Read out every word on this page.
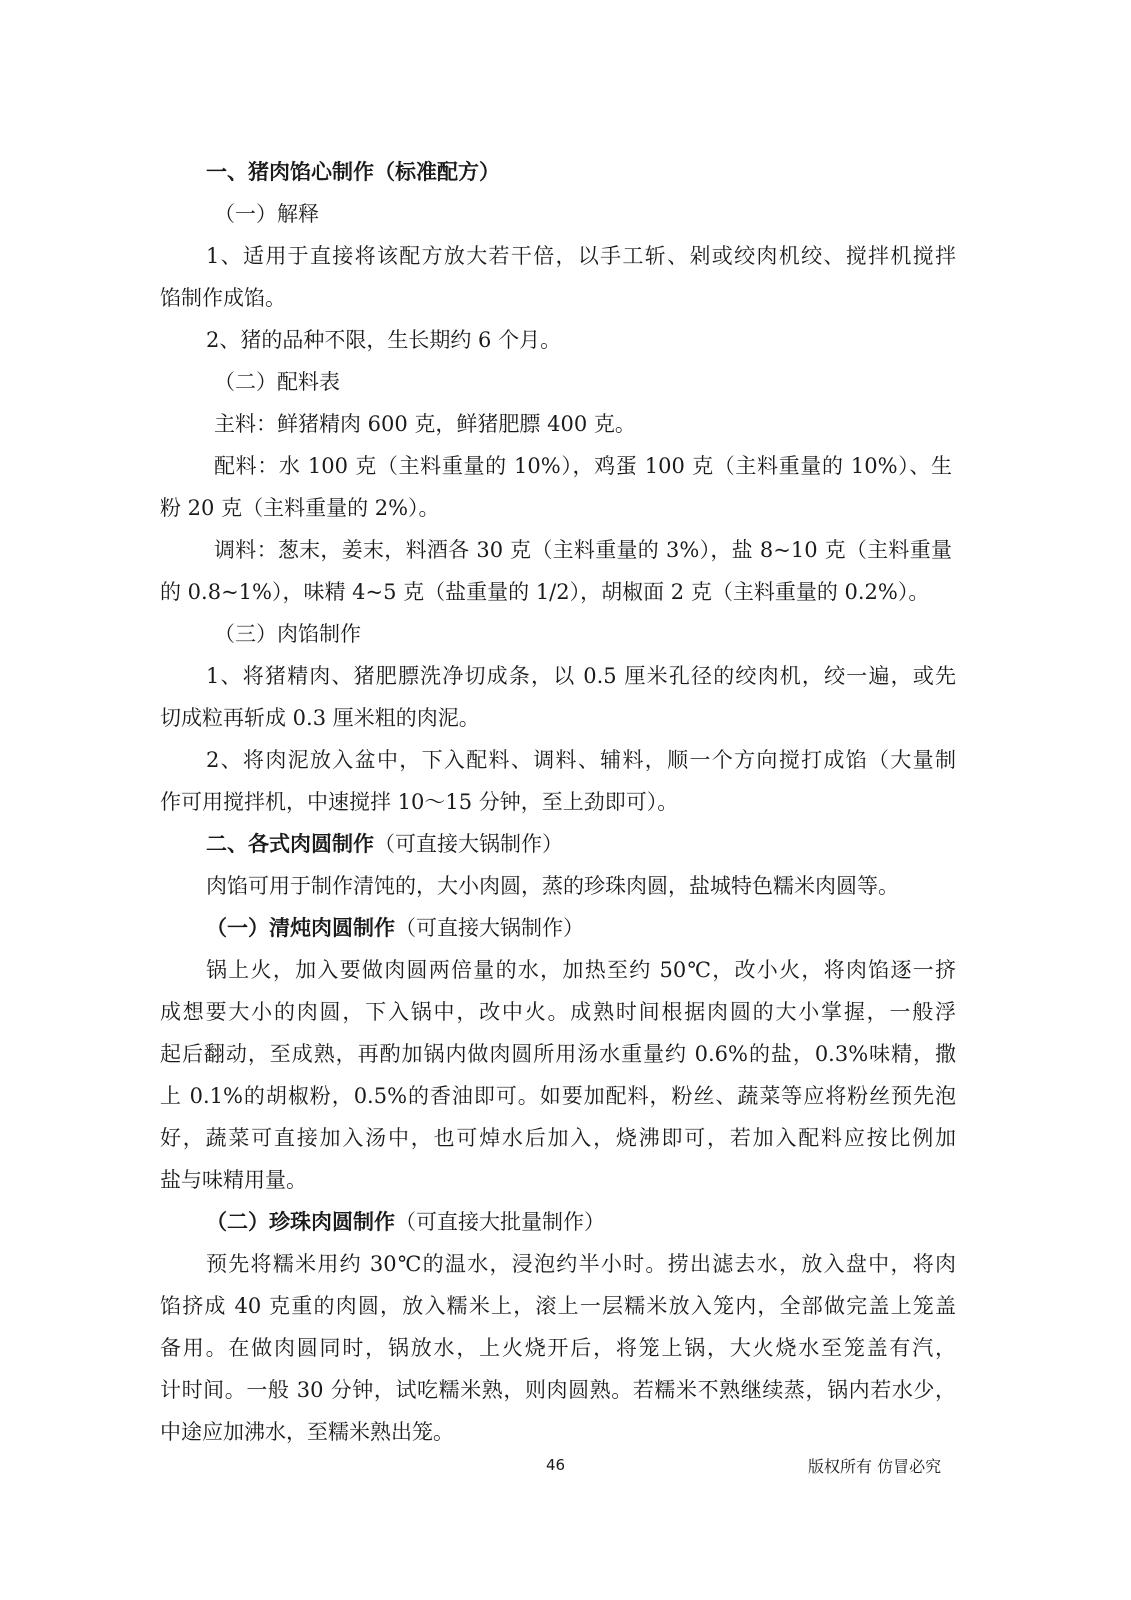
一、猪肉馅心制作（标准配方）
（一）解释
1、适用于直接将该配方放大若干倍，以手工斩、剁或绞肉机绞、搅拌机搅拌
馅制作成馅。
2、猪的品种不限，生长期约 6 个月。
（二）配料表
主料：鲜猪精肉 600 克，鲜猪肥膘 400 克。
配料：水 100 克（主料重量的 10%），鸡蛋 100 克（主料重量的 10%）、生
粉 20 克（主料重量的 2%）。
调料：葱末，姜末，料酒各 30 克（主料重量的 3%），盐 8~10 克（主料重量
的 0.8~1%），味精 4~5 克（盐重量的 1/2），胡椒面 2 克（主料重量的 0.2%）。
（三）肉馅制作
1、将猪精肉、猪肥膘洗净切成条，以 0.5 厘米孔径的绞肉机，绞一遍，或先
切成粒再斩成 0.3 厘米粗的肉泥。
2、将肉泥放入盆中，下入配料、调料、辅料，顺一个方向搅打成馅（大量制
作可用搅拌机，中速搅拌 10～15 分钟，至上劲即可）。
二、各式肉圆制作（可直接大锅制作）
肉馅可用于制作清饨的，大小肉圆，蒸的珍珠肉圆，盐城特色糯米肉圆等。
（一）清炖肉圆制作（可直接大锅制作）
锅上火，加入要做肉圆两倍量的水，加热至约 50℃，改小火，将肉馅逐一挤
成想要大小的肉圆，下入锅中，改中火。成熟时间根据肉圆的大小掌握，一般浮
起后翻动，至成熟，再酌加锅内做肉圆所用汤水重量约 0.6%的盐，0.3%味精，撒
上 0.1%的胡椒粉，0.5%的香油即可。如要加配料，粉丝、蔬菜等应将粉丝预先泡
好，蔬菜可直接加入汤中，也可焯水后加入，烧沸即可，若加入配料应按比例加
盐与味精用量。
（二）珍珠肉圆制作（可直接大批量制作）
预先将糯米用约 30℃的温水，浸泡约半小时。捞出滤去水，放入盘中，将肉
馅挤成 40 克重的肉圆，放入糯米上，滚上一层糯米放入笼内，全部做完盖上笼盖
备用。在做肉圆同时，锅放水，上火烧开后，将笼上锅，大火烧水至笼盖有汽，
计时间。一般 30 分钟，试吃糯米熟，则肉圆熟。若糯米不熟继续蒸，锅内若水少，
中途应加沸水，至糯米熟出笼。
46	版权所有 仿冒必究
